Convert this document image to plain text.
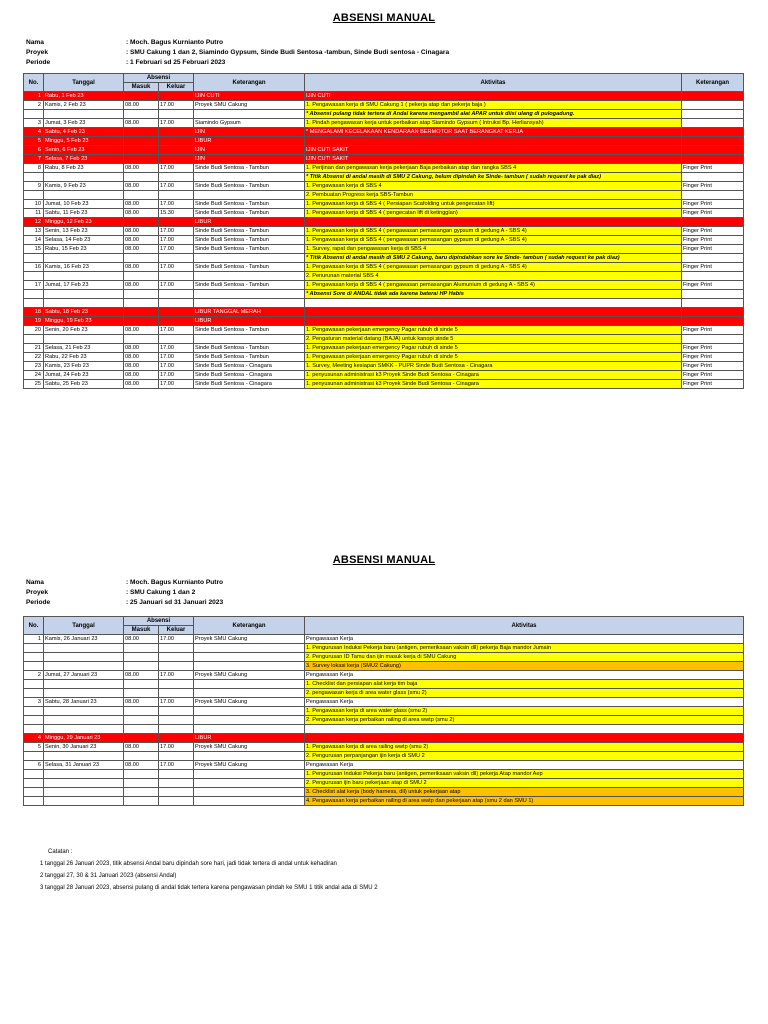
ABSENSI MANUAL
Nama	: Moch. Bagus Kurnianto Putro
Proyek	: SMU Cakung 1 dan 2, Siamindo Gypsum, Sinde Budi Sentosa -tambun, Sinde Budi sentosa - Cinagara
Periode	: 1 Februari sd 25 Februari 2023
No.	Tanggal	Absensi		Keterangan	Aktivitas	Keterangan
		Masuk	Keluar			
1	Rabu, 1 Feb 23			IJIN CUTI	IJIN CUTI	
2	Kamis, 2 Feb 23	08.00	17.00	Proyek SMU Cakung	1. Pengawasan kerja di SMU Cakung 1 ( pekerja atap dan pekerja baja )	
					* Absensi pulang tidak tertera di Andal karena mengambil alat APAR untuk diisi ulang di pulogadung.	
3	Jumat, 3 Feb 23	08.00	17.00	Siamindo Gypsum	1. Pindah pengawasan kerja untuk perbaikan atap Siamindo Gypsum ( Intruksi Bp. Herliansyah)	
4	Sabtu, 4 Feb 23			IJIN	* MENGALAMI KECELAKAAN KENDARAAN BERMOTOR SAAT BERANGKAT KERJA	
5	Minggu, 5 Feb 23			LIBUR		
6	Senin, 6 Feb 23			IJIN	IJIN CUTI SAKIT	
7	Selasa, 7 Feb 23			IJIN	IJIN CUTI SAKIT	
8	Rabu, 8 Feb 23	08.00	17.00	Sinde Budi Sentosa - Tambun	1. Perijinan dan pengawasan kerja pekerjaan Baja perbaikan atap dan rangka SBS 4	Finger Print
					* Titik Absensi di andal masih di SMU 2 Cakung, belum dipindah ke Sinde- tambun ( sudah request ke pak diaz)	
9	Kamis, 9 Feb 23	08.00	17.00	Sinde Budi Sentosa - Tambun	1. Pengawasan kerja di SBS 4	Finger Print
					2. Pembuatan Progress kerja SBS-Tambun	
10	Jumat, 10 Feb 23	08.00	17.00	Sinde Budi Sentosa - Tambun	1. Pengawasan kerja di SBS 4 ( Persiapan Scafolding untuk pengecatan lift)	Finger Print
11	Sabtu, 11 Feb 23	08.00	15.30	Sinde Budi Sentosa - Tambun	1. Pengawasan kerja di SBS 4 ( pengecatan lift di ketinggian)	Finger Print
12	Minggu, 12 Feb 23			LIBUR		
13	Senin, 13 Feb 23	08.00	17.00	Sinde Budi Sentosa - Tambun	1. Pengawasan kerja di SBS 4 ( pengawasan pemasangan gypsum di gedung A - SBS 4)	Finger Print
14	Selasa, 14 Feb 23	08.00	17.00	Sinde Budi Sentosa - Tambun	1. Pengawasan kerja di SBS 4 ( pengawasan pemasangan gypsum di gedung A - SBS 4)	Finger Print
15	Rabu, 15 Feb 23	08.00	17.00	Sinde Budi Sentosa - Tambun	1. Survey, rapat dan pengawasan kerja di SBS 4	Finger Print
					* Titik Absensi di andal masih di SMU 2 Cakung, baru dipindahkan sore ke Sinde- tambun ( sudah request ke pak diaz)	
16	Kamis, 16 Feb 23	08.00	17.00	Sinde Budi Sentosa - Tambun	1. Pengawasan kerja di SBS 4 ( pengawasan pemasangan gypsum di gedung A - SBS 4)	Finger Print
					2. Penurunan material SBS 4	
17	Jumat, 17 Feb 23	08.00	17.00	Sinde Budi Sentosa - Tambun	1. Pengawasan kerja di SBS 4 ( pengawasan pemasangan Alumunium di gedung A - SBS 4)	Finger Print
					* Absensi Sore di ANDAL tidak ada karena baterai HP Habis	

18	Sabtu, 18 Feb 23			LIBUR TANGGAL MERAH		
19	Minggu, 19 Feb 23			LIBUR		
20	Senin, 20 Feb 23	08.00	17.00	Sinde Budi Sentosa - Tambun	1. Pengawasan pekerjaan emergency Pagar rubuh di sinde 5	Finger Print
					2. Pengaturan material datang (BAJA) untuk kanopi sinde 5	
21	Selasa, 21 Feb 23	08.00	17.00	Sinde Budi Sentosa - Tambun	1. Pengawasan pekerjaan emergency Pagar rubuh di sinde 5	Finger Print
22	Rabu, 22 Feb 23	08.00	17.00	Sinde Budi Sentosa - Tambun	1. Pengawasan pekerjaan emergency Pagar rubuh di sinde 5	Finger Print
23	Kamis, 23 Feb 23	08.00	17.00	Sinde Budi Sentosa - Cinagara	1. Survey, Meeting kesiapan SMKK - PUPR Sinde Budi Sentosa - Cinagara	Finger Print
24	Jumat, 24 Feb 23	08.00	17.00	Sinde Budi Sentosa - Cinagara	1. penyusunan administrasi k3 Proyek Sinde Budi Sentosa - Cinagara	Finger Print
25	Sabtu, 25 Feb 23	08.00	17.00	Sinde Budi Sentosa - Cinagara	1. penyusunan administrasi k3 Proyek Sinde Budi Sentosa - Cinagara	Finger Print
ABSENSI MANUAL
Nama	: Moch. Bagus Kurnianto Putro
Proyek	: SMU Cakung 1 dan 2
Periode	: 25 Januari sd 31 Januari 2023
No.	Tanggal	Absensi		Keterangan	Aktivitas
		Masuk	Keluar		
1	Kamis, 26 Januari 23	08.00	17.00	Proyek SMU Cakung	Pengawasan Kerja
					1. Pengurusan Induksi Pekerja baru (antigen, pemeriksaan vaksin dll) pekerja Baja mandor Jumain
					2. Pengurusan ID Tamu dan ijin masuk kerja di SMU Cakung
					3. Survey lokasi kerja (SMU2 Cakung)
2	Jumat, 27 Januari 23	08.00	17.00	Proyek SMU Cakung	Pengawasan Kerja
					1. Checklist dan persiapan alat kerja tim baja
					2. pengawasan kerja di area water glass (smu 2)
3	Sabtu, 28 Januari 23	08.00	17.00	Proyek SMU Cakung	Pengawasan Kerja
					1. Pengawasan kerja di area water glass (smu 2)
					2. Pengawasan kerja perbaikan railing di area wwtp (smu 2)

4	Minggu, 29 Januari 23			LIBUR	
5	Senin, 30 Januari 23	08.00	17.00	Proyek SMU Cakung	1. Pengawasan kerja di area railing wwtp (smu 2)
					2. Pengurusan perpanjangan ijin kerja di SMU 2
6	Selasa, 31 Januari 23	08.00	17.00	Proyek SMU Cakung	Pengawasan Kerja
					1. Pengurusan Induksi Pekerja baru (antigen, pemeriksaan vaksin dll) pekerja Atap mandor Aep
					2. Pengurusan ijin baru pekerjaan atap di SMU 2
					3. Checklist alat kerja (body harness, dll) untuk pekerjaan atap
					4. Pengawasan kerja perbaikan railing di area wwtp dan pekerjaan atap (smu 2 dan SMU 1)
Catatan :
1 tanggal 26 Januari 2023, titik absensi Andal baru dipindah sore hari, jadi tidak tertera di andal untuk kehadiran
2 tanggal 27, 30 & 31 Januari 2023 (absensi Andal)
3 tanggal 28 Januari 2023, absensi pulang di andal tidak tertera karena pengawasan pindah ke SMU 1 titik andal ada di SMU 2
